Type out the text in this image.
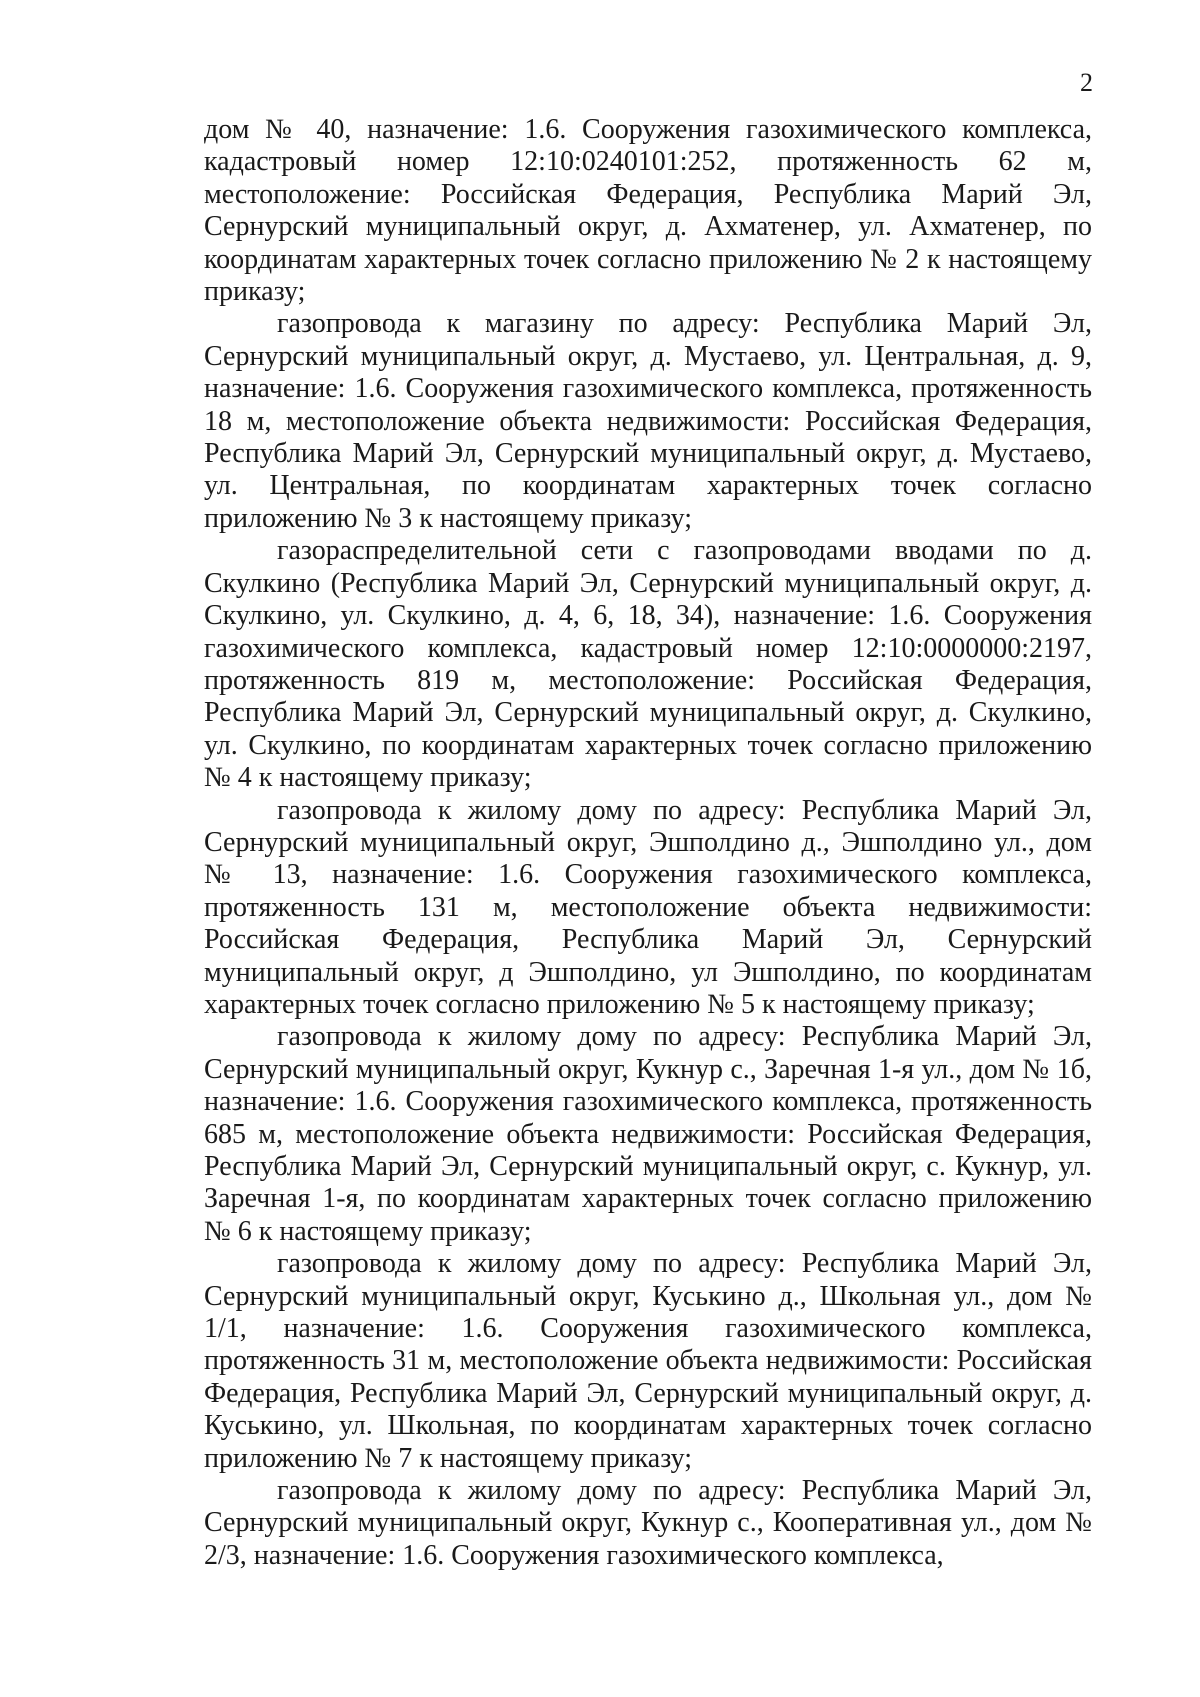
2

дом № 40, назначение: 1.6. Сооружения газохимического комплекса, кадастровый номер 12:10:0240101:252, протяженность 62 м, местоположение: Российская Федерация, Республика Марий Эл, Сернурский муниципальный округ, д. Ахматенер, ул. Ахматенер, по координатам характерных точек согласно приложению № 2 к настоящему приказу;

газопровода к магазину по адресу: Республика Марий Эл, Сернурский муниципальный округ, д. Мустаево, ул. Центральная, д. 9, назначение: 1.6. Сооружения газохимического комплекса, протяженность 18 м, местоположение объекта недвижимости: Российская Федерация, Республика Марий Эл, Сернурский муниципальный округ, д. Мустаево, ул. Центральная, по координатам характерных точек согласно приложению № 3 к настоящему приказу;

газораспределительной сети с газопроводами вводами по д. Скулкино (Республика Марий Эл, Сернурский муниципальный округ, д. Скулкино, ул. Скулкино, д. 4, 6, 18, 34), назначение: 1.6. Сооружения газохимического комплекса, кадастровый номер 12:10:0000000:2197, протяженность 819 м, местоположение: Российская Федерация, Республика Марий Эл, Сернурский муниципальный округ, д. Скулкино, ул. Скулкино, по координатам характерных точек согласно приложению № 4 к настоящему приказу;

газопровода к жилому дому по адресу: Республика Марий Эл, Сернурский муниципальный округ, Эшполдино д., Эшполдино ул., дом № 13, назначение: 1.6. Сооружения газохимического комплекса, протяженность 131 м, местоположение объекта недвижимости: Российская Федерация, Республика Марий Эл, Сернурский муниципальный округ, д Эшполдино, ул Эшполдино, по координатам характерных точек согласно приложению № 5 к настоящему приказу;

газопровода к жилому дому по адресу: Республика Марий Эл, Сернурский муниципальный округ, Кукнур с., Заречная 1-я ул., дом № 1б, назначение: 1.6. Сооружения газохимического комплекса, протяженность 685 м, местоположение объекта недвижимости: Российская Федерация, Республика Марий Эл, Сернурский муниципальный округ, с. Кукнур, ул. Заречная 1-я, по координатам характерных точек согласно приложению № 6 к настоящему приказу;

газопровода к жилому дому по адресу: Республика Марий Эл, Сернурский муниципальный округ, Куськино д., Школьная ул., дом № 1/1, назначение: 1.6. Сооружения газохимического комплекса, протяженность 31 м, местоположение объекта недвижимости: Российская Федерация, Республика Марий Эл, Сернурский муниципальный округ, д. Куськино, ул. Школьная, по координатам характерных точек согласно приложению № 7 к настоящему приказу;

газопровода к жилому дому по адресу: Республика Марий Эл, Сернурский муниципальный округ, Кукнур с., Кооперативная ул., дом № 2/3, назначение: 1.6. Сооружения газохимического комплекса,
